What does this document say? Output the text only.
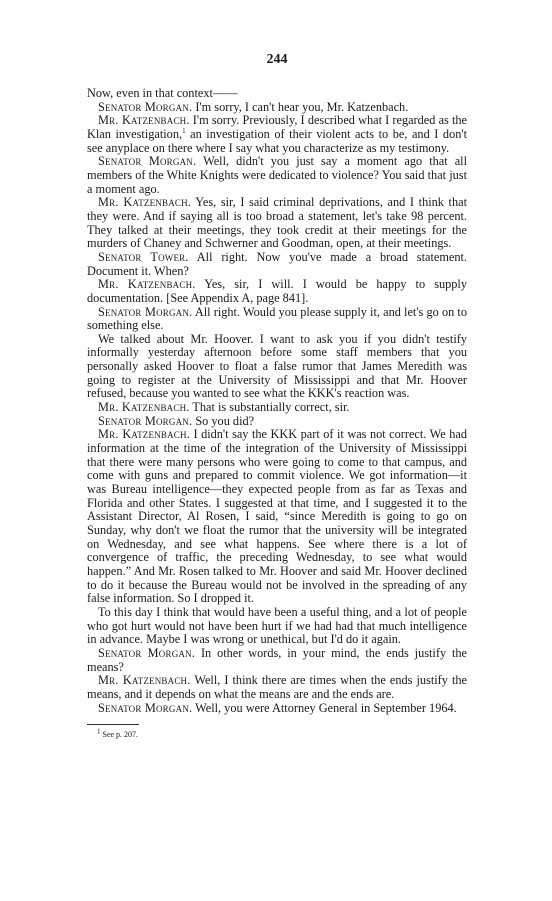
244

Now, even in that context——

Senator Morgan. I'm sorry, I can't hear you, Mr. Katzenbach.

Mr. Katzenbach. I'm sorry. Previously, I described what I regarded as the Klan investigation,$^1$ an investigation of their violent acts to be, and I don't see anyplace on there where I say what you characterize as my testimony.

Senator Morgan. Well, didn't you just say a moment ago that all members of the White Knights were dedicated to violence? You said that just a moment ago.

Mr. Katzenbach. Yes, sir, I said criminal deprivations, and I think that they were. And if saying all is too broad a statement, let's take 98 percent. They talked at their meetings, they took credit at their meetings for the murders of Chaney and Schwerner and Goodman, open, at their meetings.

Senator Tower. All right. Now you've made a broad statement. Document it. When?

Mr. Katzenbach. Yes, sir, I will. I would be happy to supply documentation. [See Appendix A, page 841].

Senator Morgan. All right. Would you please supply it, and let's go on to something else.

We talked about Mr. Hoover. I want to ask you if you didn't testify informally yesterday afternoon before some staff members that you personally asked Hoover to float a false rumor that James Meredith was going to register at the University of Mississippi and that Mr. Hoover refused, because you wanted to see what the KKK's reaction was.

Mr. Katzenbach. That is substantially correct, sir.

Senator Morgan. So you did?

Mr. Katzenbach. I didn't say the KKK part of it was not correct. We had information at the time of the integration of the University of Mississippi that there were many persons who were going to come to that campus, and come with guns and prepared to commit violence. We got information—it was Bureau intelligence—they expected people from as far as Texas and Florida and other States. I suggested at that time, and I suggested it to the Assistant Director, Al Rosen, I said, “since Meredith is going to go on Sunday, why don't we float the rumor that the university will be integrated on Wednesday, and see what happens. See where there is a lot of convergence of traffic, the preceding Wednesday, to see what would happen.” And Mr. Rosen talked to Mr. Hoover and said Mr. Hoover declined to do it because the Bureau would not be involved in the spreading of any false information. So I dropped it.

To this day I think that would have been a useful thing, and a lot of people who got hurt would not have been hurt if we had had that much intelligence in advance. Maybe I was wrong or unethical, but I'd do it again.

Senator Morgan. In other words, in your mind, the ends justify the means?

Mr. Katzenbach. Well, I think there are times when the ends justify the means, and it depends on what the means are and the ends are.

Senator Morgan. Well, you were Attorney General in September 1964.

$^1$ See p. 207.
